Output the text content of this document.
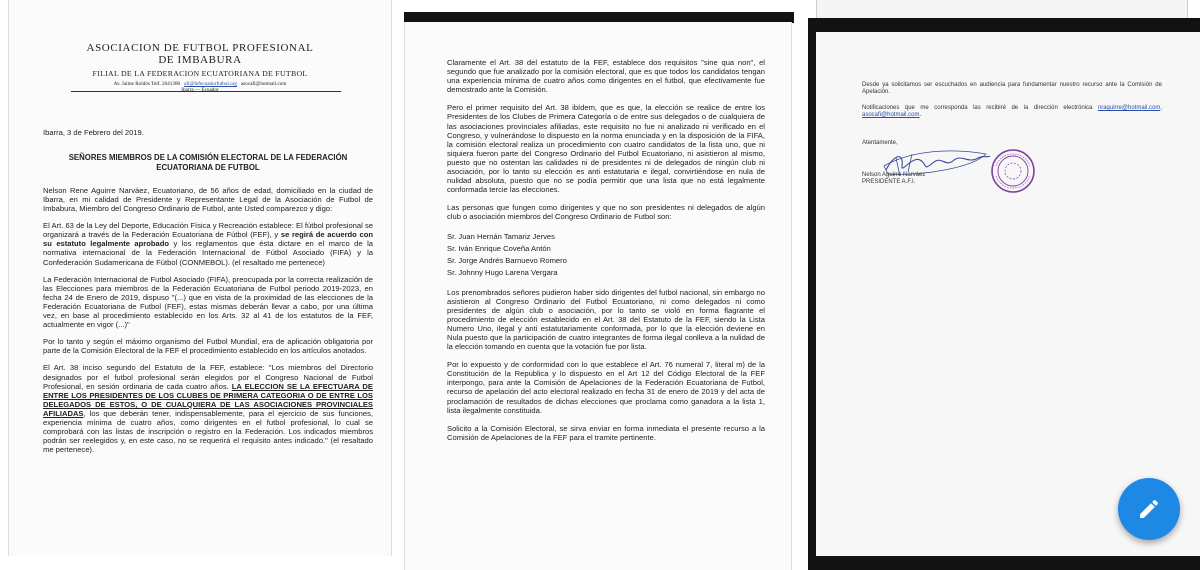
ASOCIACION DE FUTBOL PROFESIONAL
DE IMBABURA
FILIAL DE LA FEDERACION ECUATORIANA DE FUTBOL
Av. Jaime Roldós Telf. 2641380 afi@fefecuadorfutbol.org asocafi@hotmail.com

Ibarra, 3 de Febrero del 2019.

SEÑORES MIEMBROS DE LA COMISIÓN ELECTORAL DE LA FEDERACIÓN ECUATORIANA DE FUTBOL

Nelson Rene Aguirre Narváez, Ecuatoriano, de 56 años de edad, domiciliado en la ciudad de Ibarra, en mi calidad de Presidente y Representante Legal de la Asociación de Futbol de Imbabura, Miembro del Congreso Ordinario de Futbol, ante Usted comparezco y digo:

El Art. 63 de la Ley del Deporte, Educación Física y Recreación establece: El fútbol profesional se organizará a través de la Federación Ecuatoriana de Fútbol (FEF), y se regirá de acuerdo con su estatuto legalmente aprobado y los reglamentos que ésta dictare en el marco de la normativa internacional de la Federación Internacional de Fútbol Asociado (FIFA) y la Confederación Sudamericana de Fútbol (CONMEBOL). (el resaltado me pertenece)

La Federación Internacional de Futbol Asociado (FIFA), preocupada por la correcta realización de las Elecciones para miembros de la Federación Ecuatoriana de Futbol periodo 2019-2023, en fecha 24 de Enero de 2019, dispuso "(...) que en vista de la proximidad de las elecciones de la Federación Ecuatoriana de Futbol (FEF), estas mismas deberán llevar a cabo, por una última vez, en base al procedimiento establecido en los Arts. 32 al 41 de los estatutos de la FEF, actualmente en vigor (...)"

Por lo tanto y según el máximo organismo del Futbol Mundial, era de aplicación obligatoria por parte de la Comisión Electoral de la FEF el procedimiento establecido en los artículos anotados.

El Art. 38 inciso segundo del Estatuto de la FEF, establece: "Los miembros del Directorio designados por el futbol profesional serán elegidos por el Congreso Nacional de Futbol Profesional, en sesión ordinaria de cada cuatro años. LA ELECCION SE LA EFECTUARA DE ENTRE LOS PRESIDENTES DE LOS CLUBES DE PRIMERA CATEGORIA O DE ENTRE LOS DELEGADOS DE ESTOS, O DE CUALQUIERA DE LAS ASOCIACIONES PROVINCIALES AFILIADAS, los que deberán tener, indispensablemente, para el ejercicio de sus funciones, experiencia mínima de cuatro años, como dirigentes en el futbol profesional, lo cual se comprobará con las listas de inscripción o registro en la Federación. Los indicados miembros podrán ser reelegidos y, en este caso, no se requerirá el requisito antes indicado." (el resaltado me pertenece).

Claramente el Art. 38 del estatuto de la FEF, establece dos requisitos "sine qua non", el segundo que fue analizado por la comisión electoral, que es que todos los candidatos tengan una experiencia mínima de cuatro años como dirigentes en el futbol, que efectivamente fue demostrado ante la Comisión.

Pero el primer requisito del Art. 38 ibídem, que es que, la elección se realice de entre los Presidentes de los Clubes de Primera Categoría o de entre sus delegados o de cualquiera de las asociaciones provinciales afiliadas, este requisito no fue ni analizado ni verificado en el Congreso, y vulnerándose lo dispuesto en la norma enunciada y en la disposición de la FIFA, la comisión electoral realiza un procedimiento con cuatro candidatos de la lista uno, que ni siquiera fueron parte del Congreso Ordinario del Futbol Ecuatoriano, ni asistieron al mismo, puesto que no ostentan las calidades ni de presidentes ni de delegados de ningún club ni asociación, por lo tanto su elección es anti estatutaria e ilegal, convirtiéndose en nula de nulidad absoluta, puesto que no se podía permitir que una lista que no está legalmente conformada tercie las elecciones.

Las personas que fungen como dirigentes y que no son presidentes ni delegados de algún club o asociación miembros del Congreso Ordinario de Futbol son:

Sr. Juan Hernán Tamariz Jerves
Sr. Iván Enrique Coveña Antón
Sr. Jorge Andrés Barnuevo Romero
Sr. Johnny Hugo Larena Vergara

Los prenombrados señores pudieron haber sido dirigentes del futbol nacional, sin embargo no asistieron al Congreso Ordinario del Futbol Ecuatoriano, ni como delegados ni como presidentes de algún club o asociación, por lo tanto se violó en forma flagrante el procedimiento de elección establecido en el Art. 38 del Estatuto de la FEF, siendo la Lista Numero Uno, ilegal y anti estatutariamente conformada, por lo que la elección deviene en Nula puesto que la participación de cuatro integrantes de forma ilegal conlleva a la nulidad de la elección tomando en cuenta que la votación fue por lista.

Por lo expuesto y de conformidad con lo que establece el Art. 76 numeral 7, literal m) de la Constitución de la Republica y lo dispuesto en el Art 12 del Código Electoral de la FEF interpongo, para ante la Comisión de Apelaciones de la Federación Ecuatoriana de Futbol, recurso de apelación del acto electoral realizado en fecha 31 de enero de 2019 y del acta de proclamación de resultados de dichas elecciones que proclama como ganadora a la lista 1, lista ilegalmente constituida.

Solicito a la Comisión Electoral, se sirva enviar en forma inmediata el presente recurso a la Comisión de Apelaciones de la FEF para el tramite pertinente.

Desde ya solicitamos ser escuchados en audiencia para fundamentar nuestro recurso ante la Comisión de Apelación.

Notificaciones que me corresponda las recibiré de la dirección electrónica nraguirre@hotmail.com, asocafi@hotmail.com.

Atentamente,
Nelson Aguirre Narváez
PRESIDENTE A.F.I.
